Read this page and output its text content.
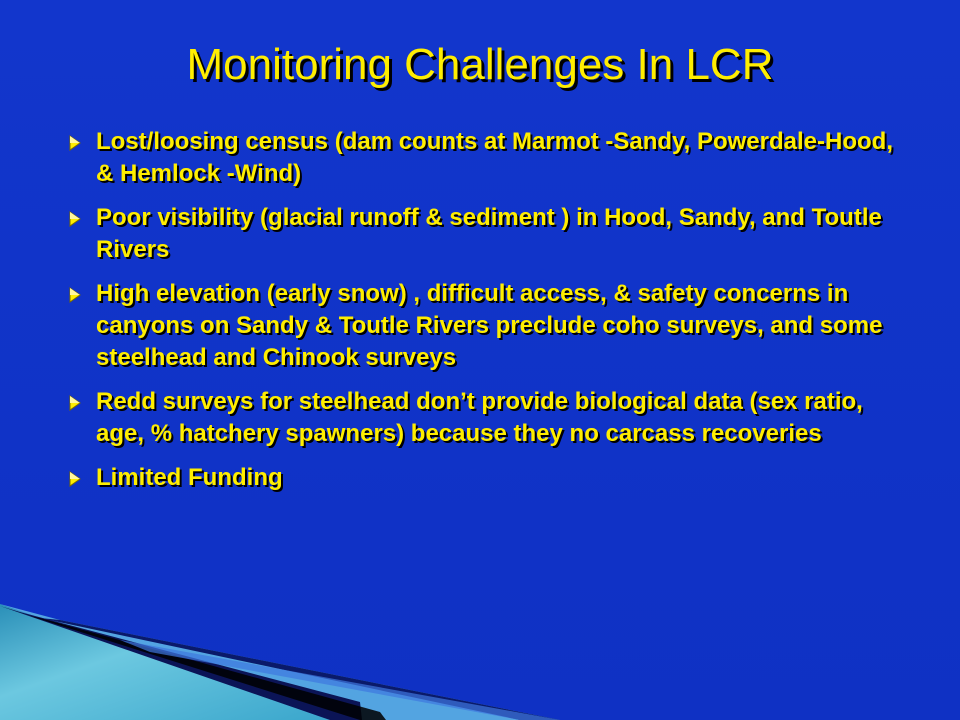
Monitoring Challenges In LCR
Lost/loosing census (dam counts at Marmot -Sandy, Powerdale-Hood, & Hemlock -Wind)
Poor visibility (glacial runoff & sediment ) in Hood, Sandy, and Toutle Rivers
High elevation (early snow) , difficult access, & safety concerns in canyons on Sandy & Toutle Rivers preclude coho surveys, and some steelhead and Chinook surveys
Redd surveys for steelhead don’t provide biological data (sex ratio, age, % hatchery spawners) because they no carcass recoveries
Limited Funding
